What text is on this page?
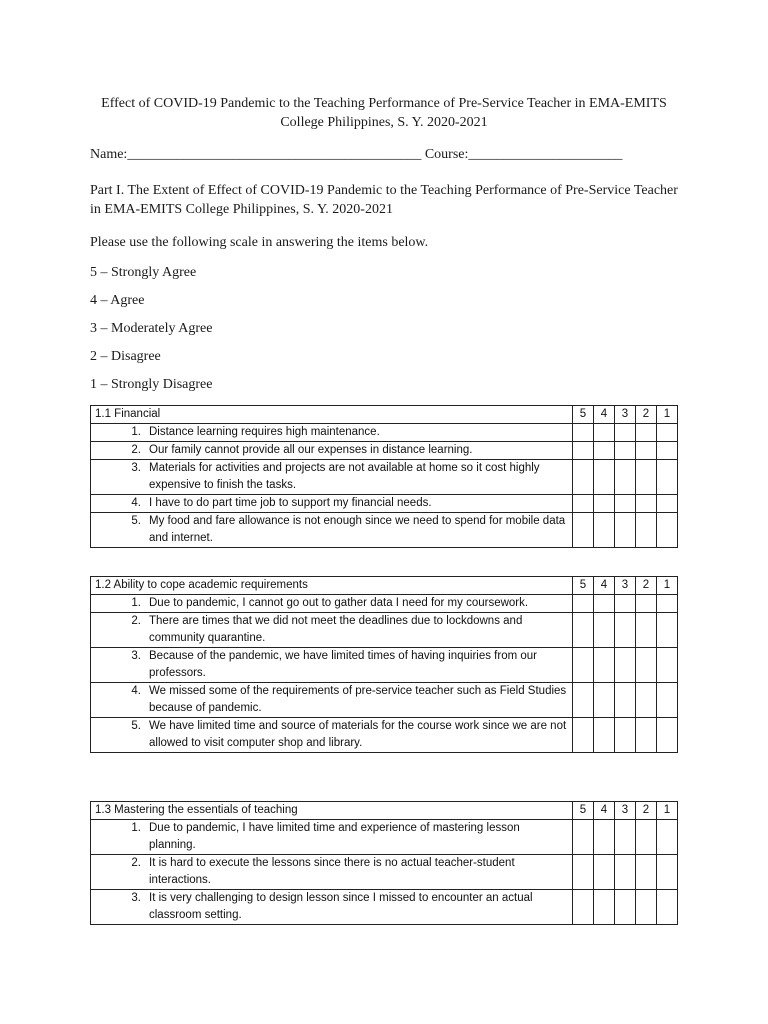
Effect of COVID-19 Pandemic to the Teaching Performance of Pre-Service Teacher in EMA-EMITS College Philippines, S. Y. 2020-2021
Name:__________________________________________ Course:______________________
Part I. The Extent of Effect of COVID-19 Pandemic to the Teaching Performance of Pre-Service Teacher in EMA-EMITS College Philippines, S. Y. 2020-2021
Please use the following scale in answering the items below.
5 – Strongly Agree
4 – Agree
3 – Moderately Agree
2 – Disagree
1 – Strongly Disagree
1.1 Financial	5	4	3	2	1

1. Distance learning requires high maintenance.					

2. Our family cannot provide all our expenses in distance learning.					

3. Materials for activities and projects are not available at home so it cost highly expensive to finish the tasks.					

4. I have to do part time job to support my financial needs.					

5. My food and fare allowance is not enough since we need to spend for mobile data and internet.					

1.2 Ability to cope academic requirements	5	4	3	2	1

1. Due to pandemic, I cannot go out to gather data I need for my coursework.					

2. There are times that we did not meet the deadlines due to lockdowns and community quarantine.					

3. Because of the pandemic, we have limited times of having inquiries from our professors.					

4. We missed some of the requirements of pre-service teacher such as Field Studies because of pandemic.					

5. We have limited time and source of materials for the course work since we are not allowed to visit computer shop and library.					

1.3 Mastering the essentials of teaching	5	4	3	2	1

1. Due to pandemic, I have limited time and experience of mastering lesson planning.					

2. It is hard to execute the lessons since there is no actual teacher-student interactions.					

3. It is very challenging to design lesson since I missed to encounter an actual classroom setting.					
